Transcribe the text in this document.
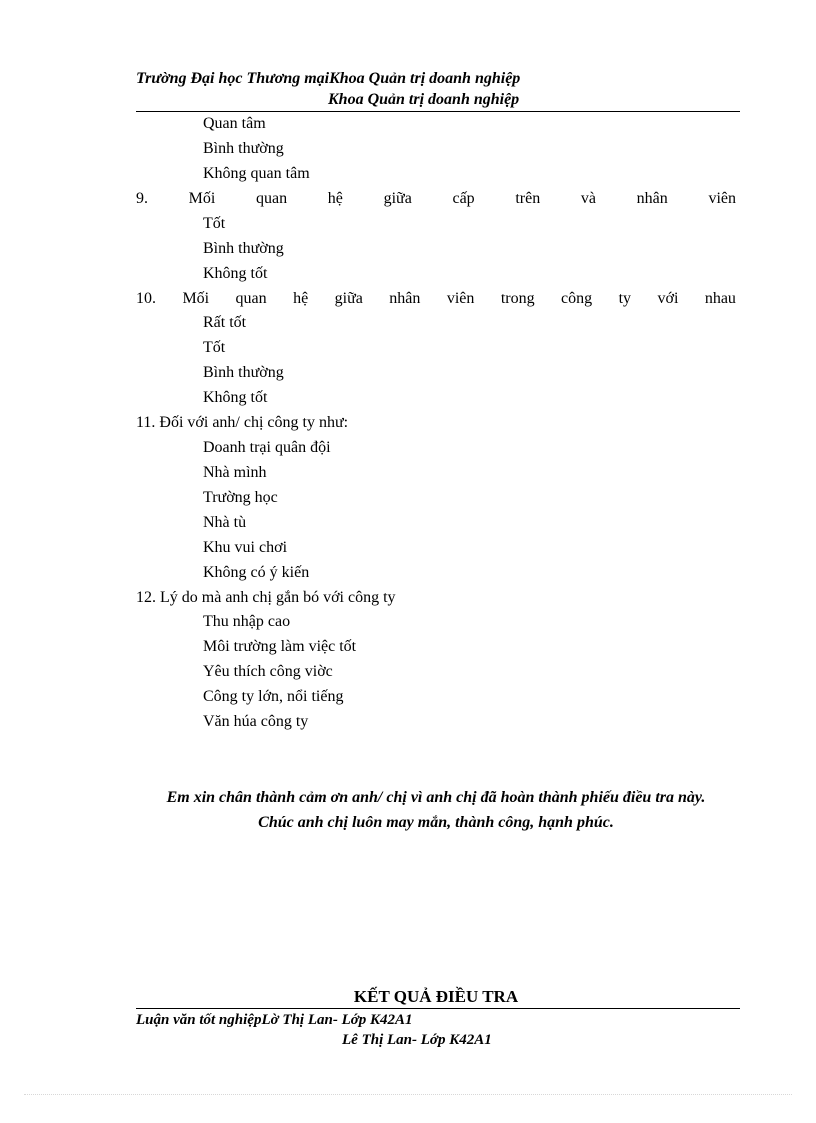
Trường Đại học Thương mạiKhoa Quản trị doanh nghiệp
Khoa Quản trị doanh nghiệp
Quan tâm
Bình thường
Không quan tâm
9.	Mối	quan	hệ	giữa	cấp	trên	và	nhân	viên
Tốt
Bình thường
Không tốt
10. Mối quan hệ giữa nhân viên trong công ty với nhau
Rất tốt
Tốt
Bình thường
Không tốt
11. Đối với anh/ chị công ty như:
Doanh trại quân đội
Nhà mình
Trường học
Nhà tù
Khu vui chơi
Không có ý kiến
12. Lý do mà anh chị gắn bó với công ty
Thu nhập cao
Môi trường làm việc tốt
Yêu thích công viờc
Công ty lớn, nổi tiếng
Văn húa công ty
Em xin chân thành cảm ơn anh/ chị vì anh chị đã hoàn thành phiếu điều tra này.
Chúc anh chị luôn may mắn, thành công, hạnh phúc.
KẾT QUẢ ĐIỀU TRA
Luận văn tốt nghiệpLờ Thị Lan- Lớp K42A1
Lê Thị Lan- Lớp K42A1
